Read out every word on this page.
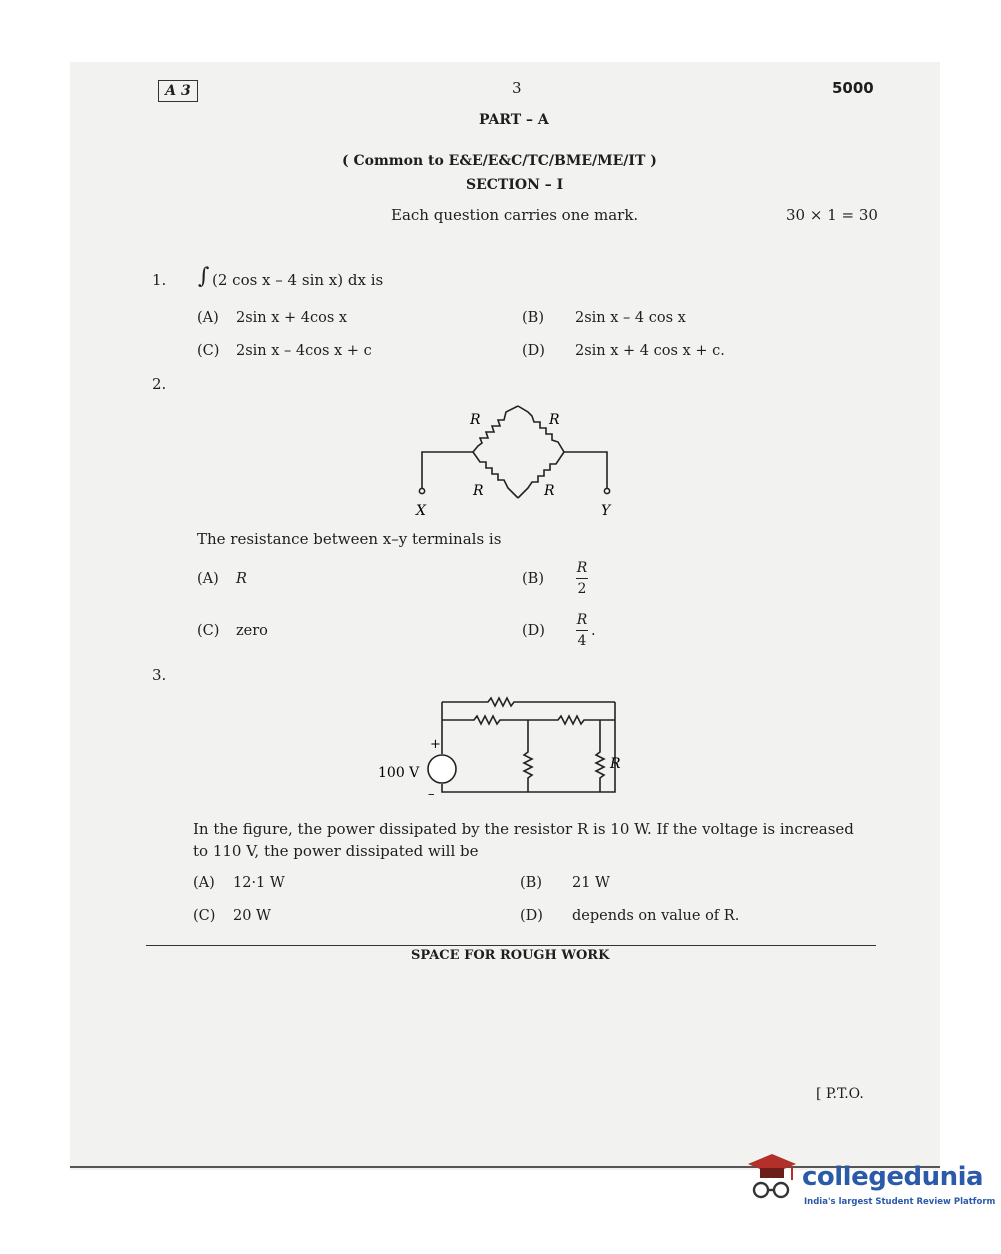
A 3	3	5000
PART – A
( Common to E&E/E&C/TC/BME/ME/IT )
SECTION – I
Each question carries one mark.	30 × 1 = 30
1. ∫ (2 cos x – 4 sin x) dx is
(A) 2sin x + 4cos x	(B) 2sin x – 4 cos x
(C) 2sin x – 4cos x + c	(D) 2sin x + 4 cos x + c.
2.
R	R
R	R
X	Y
The resistance between x–y terminals is
(A) R	(B)
R
2
(C) zero	(D)
R
4
.
3.
+
–
100 V
R
In the figure, the power dissipated by the resistor R is 10 W. If the voltage is increased
to 110 V, the power dissipated will be
(A) 12·1 W	(B) 21 W
(C) 20 W	(D) depends on value of R.
SPACE FOR ROUGH WORK
[ P.T.O.
collegedunia
India's largest Student Review Platform
